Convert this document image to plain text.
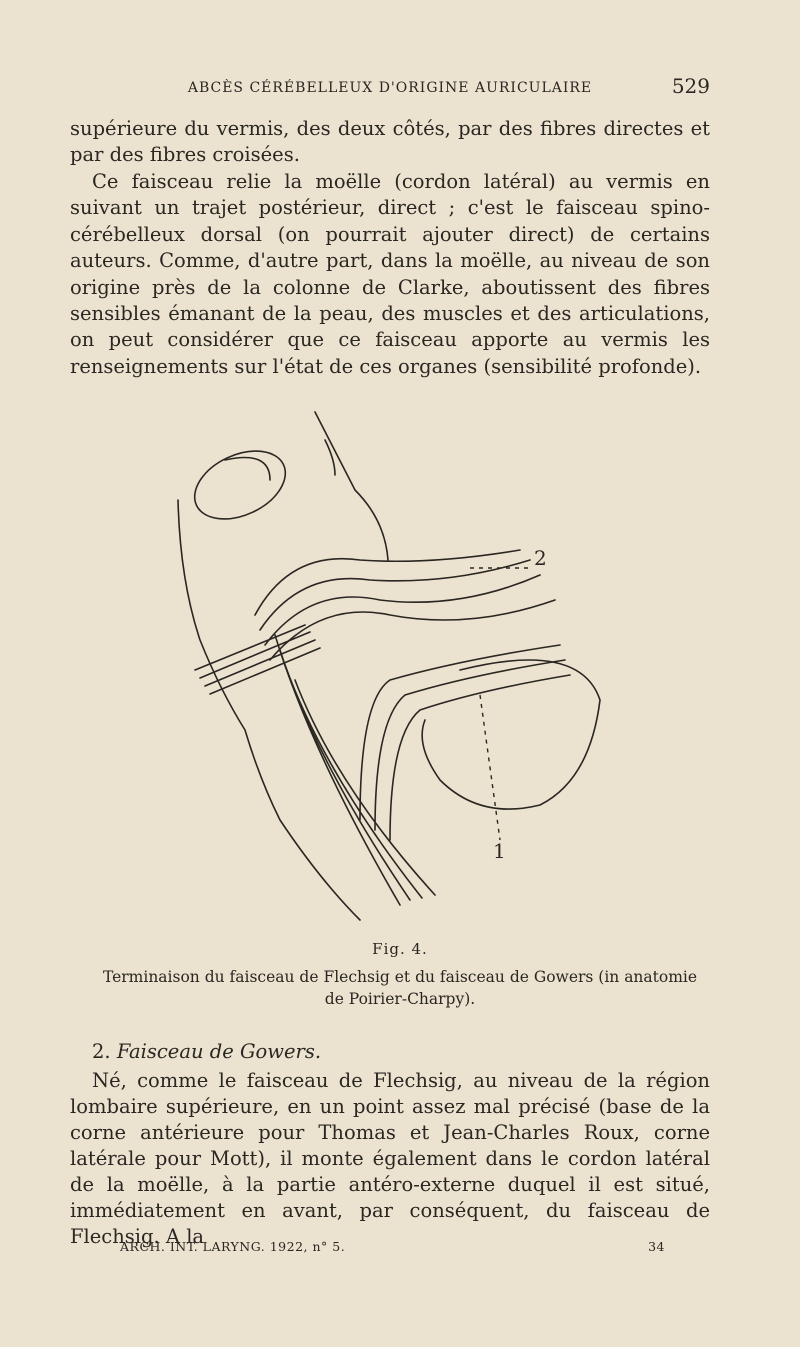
ABCÈS CÉRÉBELLEUX D'ORIGINE AURICULAIRE	529

supérieure du vermis, des deux côtés, par des fibres directes et par des fibres croisées.

Ce faisceau relie la moëlle (cordon latéral) au vermis en suivant un trajet postérieur, direct ; c'est le faisceau spino-cérébelleux dorsal (on pourrait ajouter direct) de certains auteurs. Comme, d'autre part, dans la moëlle, au niveau de son origine près de la colonne de Clarke, aboutissent des fibres sensibles émanant de la peau, des muscles et des articulations, on peut considérer que ce faisceau apporte au vermis les renseignements sur l'état de ces organes (sensibilité profonde).

2
1
Fig. 4.

Terminaison du faisceau de Flechsig et du faisceau de Gowers (in anatomie de Poirier-Charpy).

2. Faisceau de Gowers.

Né, comme le faisceau de Flechsig, au niveau de la région lombaire supérieure, en un point assez mal précisé (base de la corne antérieure pour Thomas et Jean-Charles Roux, corne latérale pour Mott), il monte également dans le cordon latéral de la moëlle, à la partie antéro-externe duquel il est situé, immédiatement en avant, par conséquent, du faisceau de Flechsig. A la

ARCH. INT. LARYNG. 1922, n° 5.	34
